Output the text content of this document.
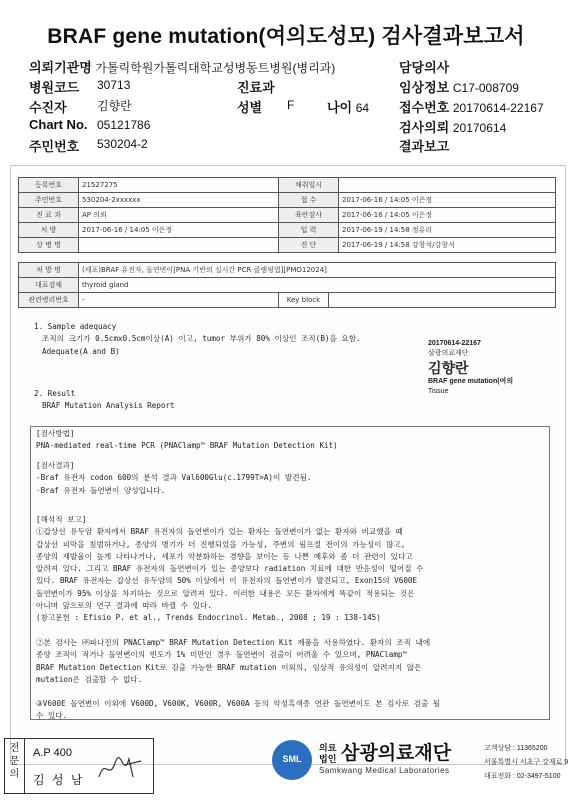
BRAF gene mutation(여의도성모) 검사결과보고서
의뢰기관명 가톨릭학원가톨릭대학교성병동트병원(병리과)	담당의사
병원코드 30713	진료과	임상정보 C17-008709
수진자	김향란	성별 F	나이 64 접수번호 20170614-22167
Chart No. 05121786	검사의뢰 20170614
주민번호 530204-2	결과보고
등록번호	21527275	채취일시	
주민번호	530204-2xxxxxx	접 수	2017-06-16 / 14:05 이은정
진 료 과	AP 의뢰	육안검사	2017-06-16 / 14:05 이은정
처 방	2017-06-16 / 14:05 이은정	입 력	2017-06-19 / 14:58 정유리
상 병 명		진 단	2017-06-19 / 14:58 강창석/강창석
처 방 명	(세포)BRAF 유전자, 돌연변이[PNA 기반의 실시간 PCR 클램핑법][PMO12024]		
대표검체	thyroid gland		
관련병리번호	-	Key block	
1. Sample adequacy
조직의 크기가 0.5cmx0.5cm이상(A) 이고, tumor 부위가 80% 이상인 조직(B)을 요함.
Adequate(A and B)
20170614-22167
삼광의료재단
김향란
BRAF gene mutation(여의
Tissue
2. Result
BRAF Mutation Analysis Report
[검사방법]
PNA-mediated real-time PCR (PNAClamp™ BRAF Mutation Detection Kit)
[검사결과]
-Braf 유전자 codon 600의 분석 결과 Val600Glu(c.1799T>A)이 발견됨.
-Braf 유전자 돌연변이 양성입니다.
[해석적 보고]
①갑상선 유두암 환자에서 BRAF 유전자의 돌연변이가 있는 환자는 돌연변이가 없는 환자와 비교했을 때
갑상선 피막을 침범하거나, 종양의 병기가 더 진행되었을 가능성, 주변의 림프절 전이의 가능성이 많고,
종양의 재발율이 높게 나타나거나, 세포가 악분화하는 경향을 보이는 등 나쁜 예후와 좀 더 관련이 있다고
알려져 있다. 그리고 BRAF 유전자의 돌연변이가 있는 종양보다 radiation 치료에 대한 반응성이 떨어질 수
있다. BRAF 유전자는 갑상선 유두암의 50% 이상에서 이 유전자의 돌연변이가 발견되고, Exon15의 V600E
돌연변이가 95% 이상을 차지하는 것으로 알려져 있다. 이러한 내용은 모든 환자에게 똑같이 적용되는 것은
아니며 앞으로의 연구 결과에 따라 바뀔 수 있다.
(참고문헌 : Efisio P. et al., Trends Endocrinol. Metab., 2008 ; 19 : 138-145)
②본 검사는 ㈜파나진의 PNAClamp™ BRAF Mutation Detection Kit 제품을 사용하였다. 환자의 조직 내에
종양 조직이 적거나 돌연변이의 빈도가 1% 미만인 경우 돌연변이 검출이 어려울 수 있으며, PNAClamp™
BRAF Mutation Detection Kit로 검출 가능한 BRAF mutation 이외의, 임상적 유의성이 알려지지 않은
mutation은 검출할 수 없다.
③V600E 돌연변이 이외에 V600D, V600K, V600R, V600A 등의 악성흑색종 연관 돌연변이도 본 검사로 검출 될
수 있다.
전문의
A.P 400
김 성 남
SML
의료
법인 삼광의료재단
Samkwang Medical Laboratories
고객상담 : 11365200
서울특별시 서초구 강재로 9
대표전화 : 02-3497-5100
